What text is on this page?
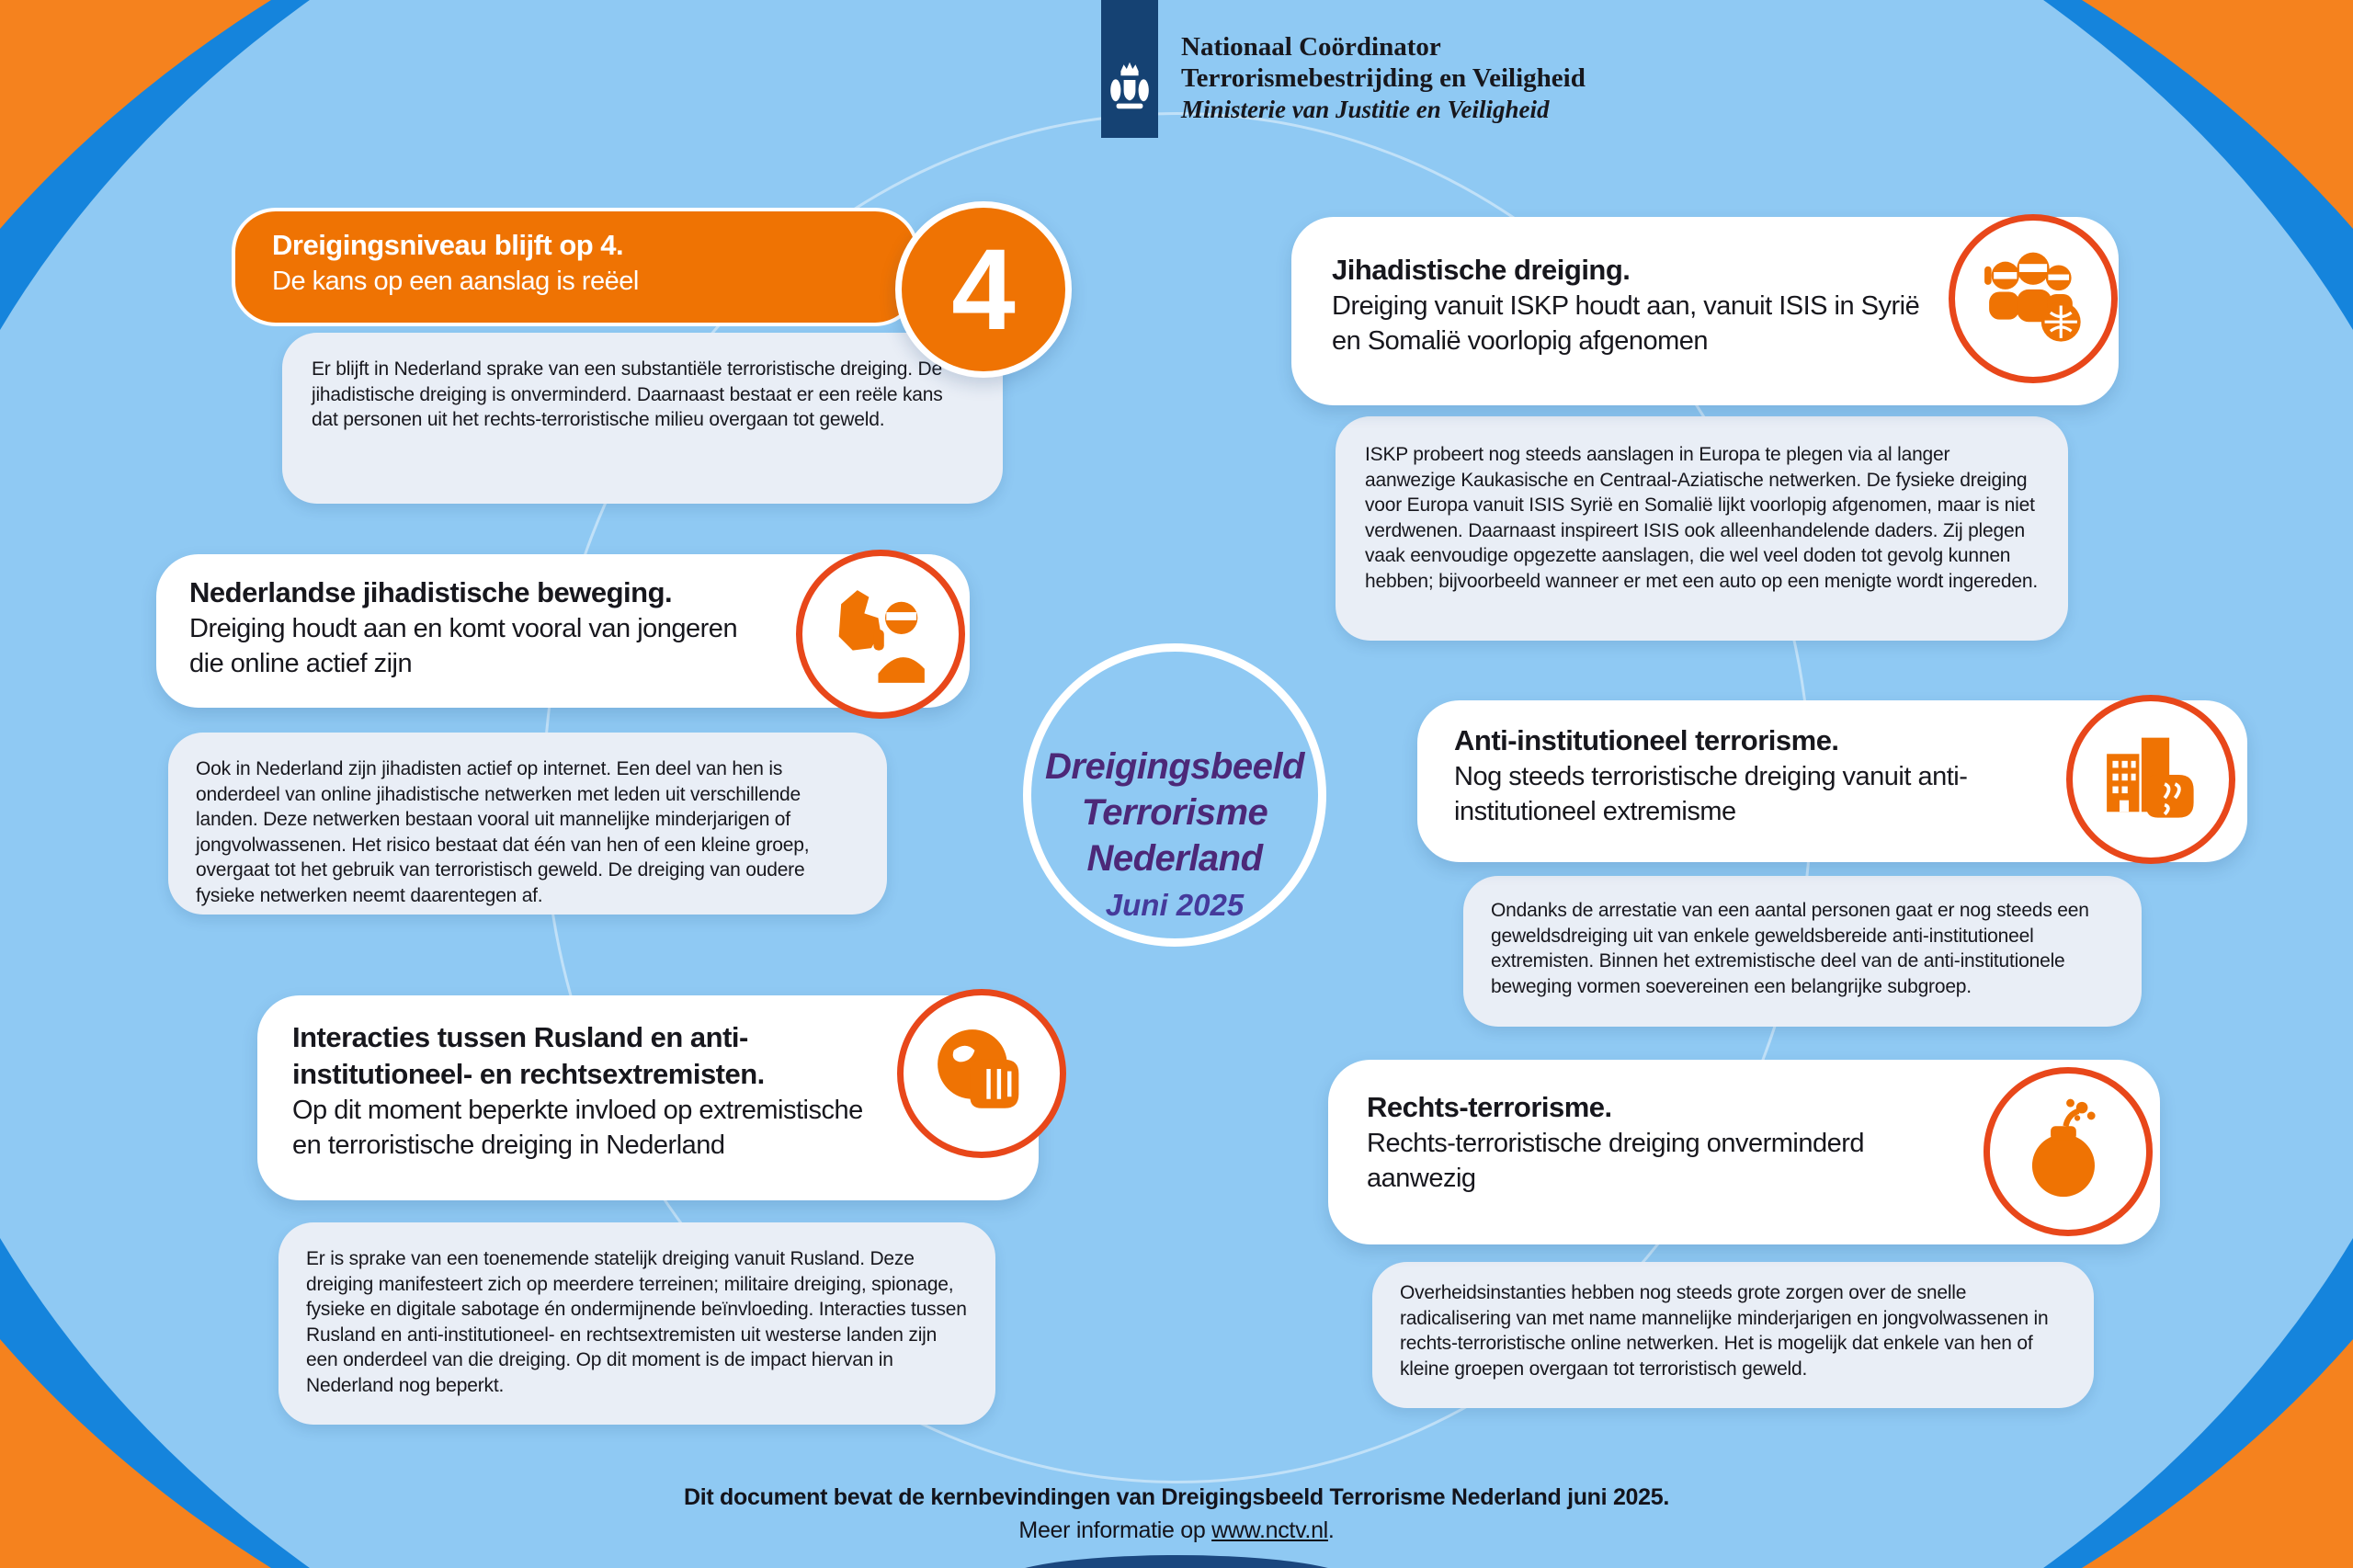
Nationaal Coördinator
Terrorismebestrijding en Veiligheid
Ministerie van Justitie en Veiligheid
Dreigingsniveau blijft op 4.
De kans op een aanslag is reëel	4

Er blijft in Nederland sprake van een substantiële terroristische dreiging. De jihadistische dreiging is onverminderd. Daarnaast bestaat er een reële kans dat personen uit het rechts-terroristische milieu overgaan tot geweld.

Nederlandse jihadistische beweging.
Dreiging houdt aan en komt vooral van jongeren die online actief zijn

Ook in Nederland zijn jihadisten actief op internet. Een deel van hen is onderdeel van online jihadistische netwerken met leden uit verschillende landen. Deze netwerken bestaan vooral uit mannelijke minderjarigen of jongvolwassenen. Het risico bestaat dat één van hen of een kleine groep, overgaat tot het gebruik van terroristisch geweld. De dreiging van oudere fysieke netwerken neemt daarentegen af.

Interacties tussen Rusland en anti-institutioneel- en rechtsextremisten.
Op dit moment beperkte invloed op extremistische en terroristische dreiging in Nederland

Er is sprake van een toenemende statelijk dreiging vanuit Rusland. Deze dreiging manifesteert zich op meerdere terreinen; militaire dreiging, spionage, fysieke en digitale sabotage én ondermijnende beïnvloeding. Interacties tussen Rusland en anti-institutioneel- en rechtsextremisten uit westerse landen zijn een onderdeel van die dreiging. Op dit moment is de impact hiervan in Nederland nog beperkt.

Jihadistische dreiging.
Dreiging vanuit ISKP houdt aan, vanuit ISIS in Syrië en Somalië voorlopig afgenomen

ISKP probeert nog steeds aanslagen in Europa te plegen via al langer aanwezige Kaukasische en Centraal-Aziatische netwerken. De fysieke dreiging voor Europa vanuit ISIS Syrië en Somalië lijkt voorlopig afgenomen, maar is niet verdwenen. Daarnaast inspireert ISIS ook alleenhandelende daders. Zij plegen vaak eenvoudige opgezette aanslagen, die wel veel doden tot gevolg kunnen hebben; bijvoorbeeld wanneer er met een auto op een menigte wordt ingereden.

Anti-institutioneel terrorisme.
Nog steeds terroristische dreiging vanuit anti-institutioneel extremisme

Ondanks de arrestatie van een aantal personen gaat er nog steeds een geweldsdreiging uit van enkele geweldsbereide anti-institutioneel extremisten. Binnen het extremistische deel van de anti-institutionele beweging vormen soevereinen een belangrijke subgroep.

Rechts-terrorisme.
Rechts-terroristische dreiging onverminderd aanwezig

Overheidsinstanties hebben nog steeds grote zorgen over de snelle radicalisering van met name mannelijke minderjarigen en jongvolwassenen in rechts-terroristische online netwerken. Het is mogelijk dat enkele van hen of kleine groepen overgaan tot terroristisch geweld.

Dreigingsbeeld
Terrorisme Nederland
Juni 2025
Dit document bevat de kernbevindingen van Dreigingsbeeld Terrorisme Nederland juni 2025.
Meer informatie op www.nctv.nl.
